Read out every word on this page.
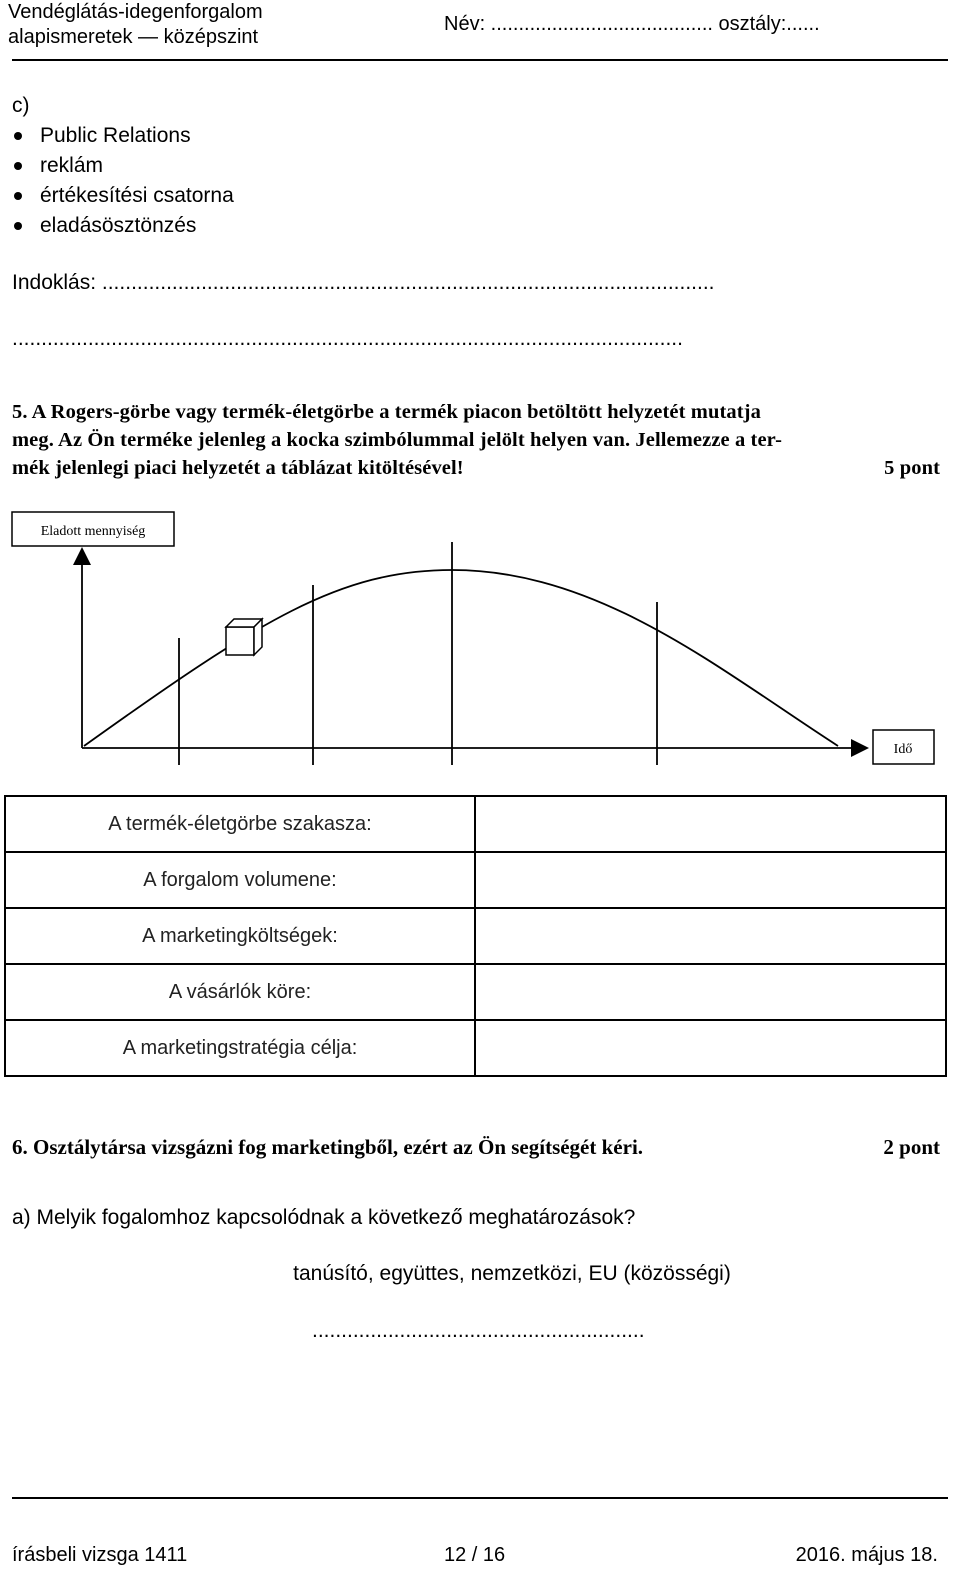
Vendéglátás-idegenforgalom
alapismeretek — középszint
Név: ........................................ osztály:......
c)
Public Relations
reklám
értékesítési csatorna
eladásösztönzés
Indoklás: .........................................................................................................
...................................................................................................................
5. A Rogers-görbe vagy termék-életgörbe a termék piacon betöltött helyzetét mutatja
meg. Az Ön terméke jelenleg a kocka szimbólummal jelölt helyen van. Jellemezze a ter-
mék jelenlegi piaci helyzetét a táblázat kitöltésével!	5 pont
Eladott mennyiség
Idő
A termék-életgörbe szakasza:	
A forgalom volumene:	
A marketingköltségek:	
A vásárlók köre:	
A marketingstratégia célja:	
6. Osztálytársa vizsgázni fog marketingből, ezért az Ön segítségét kéri.	2 pont
a) Melyik fogalomhoz kapcsolódnak a következő meghatározások?
tanúsító, együttes, nemzetközi, EU (közösségi)
.........................................................
írásbeli vizsga 1411	12 / 16	2016. május 18.
